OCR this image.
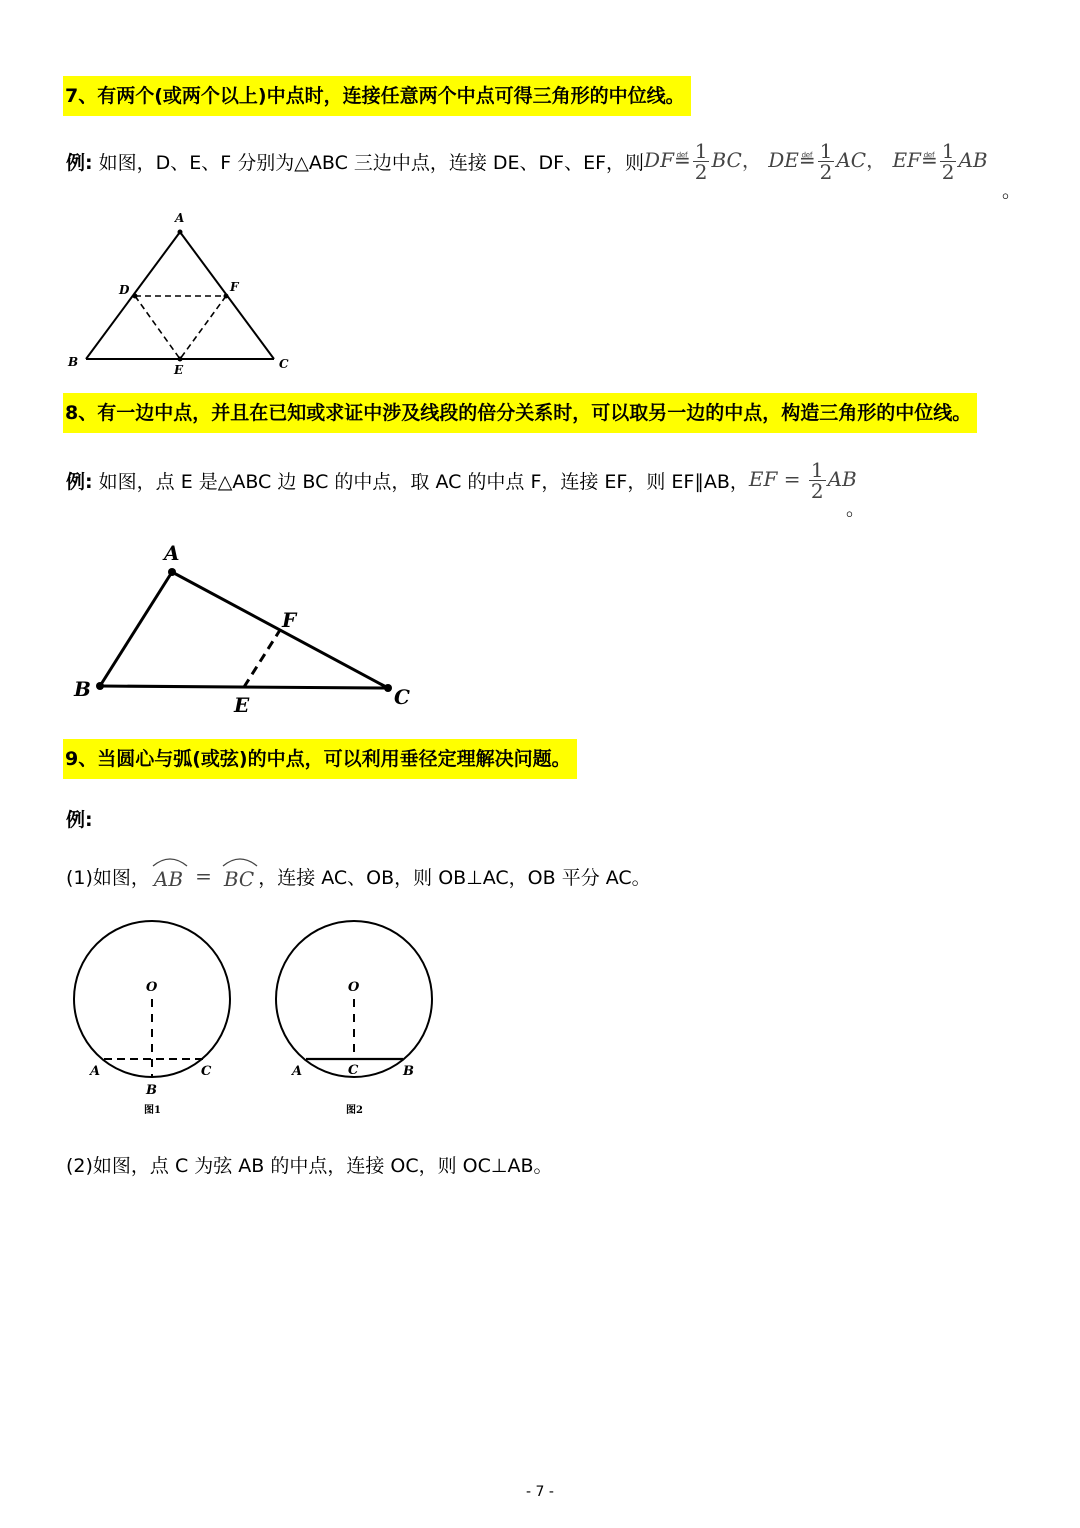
7、有两个(或两个以上)中点时，连接任意两个中点可得三角形的中位线。
例:
如图，D、E、F 分别为△ABC 三边中点，连接 DE、DF、EF，则 DF≝ $\frac{1}{2}$ BC， DE≝ $\frac{1}{2}$ AC， EF≝ $\frac{1}{2}$ AB
。
A
B	C
D
E
F
8、有一边中点，并且在已知或求证中涉及线段的倍分关系时，可以取另一边的中点，构造三角形的中位线。
例:
如图，点 E 是△ABC 边 BC 的中点，取 AC 的中点 F，连接 EF，则 EF∥AB， EF = $\frac{1}{2}$ AB
。
A
B	C
E
F
9、当圆心与弧(或弦)的中点，可以利用垂径定理解决问题。
例:
(1)如图， AB = BC ，连接 AC、OB，则 OB⊥AC，OB 平分 AC。
O
A
B
C
图1
O
A	C	B
图2
(2)如图，点 C 为弦 AB 的中点，连接 OC，则 OC⊥AB。
- 7 -
